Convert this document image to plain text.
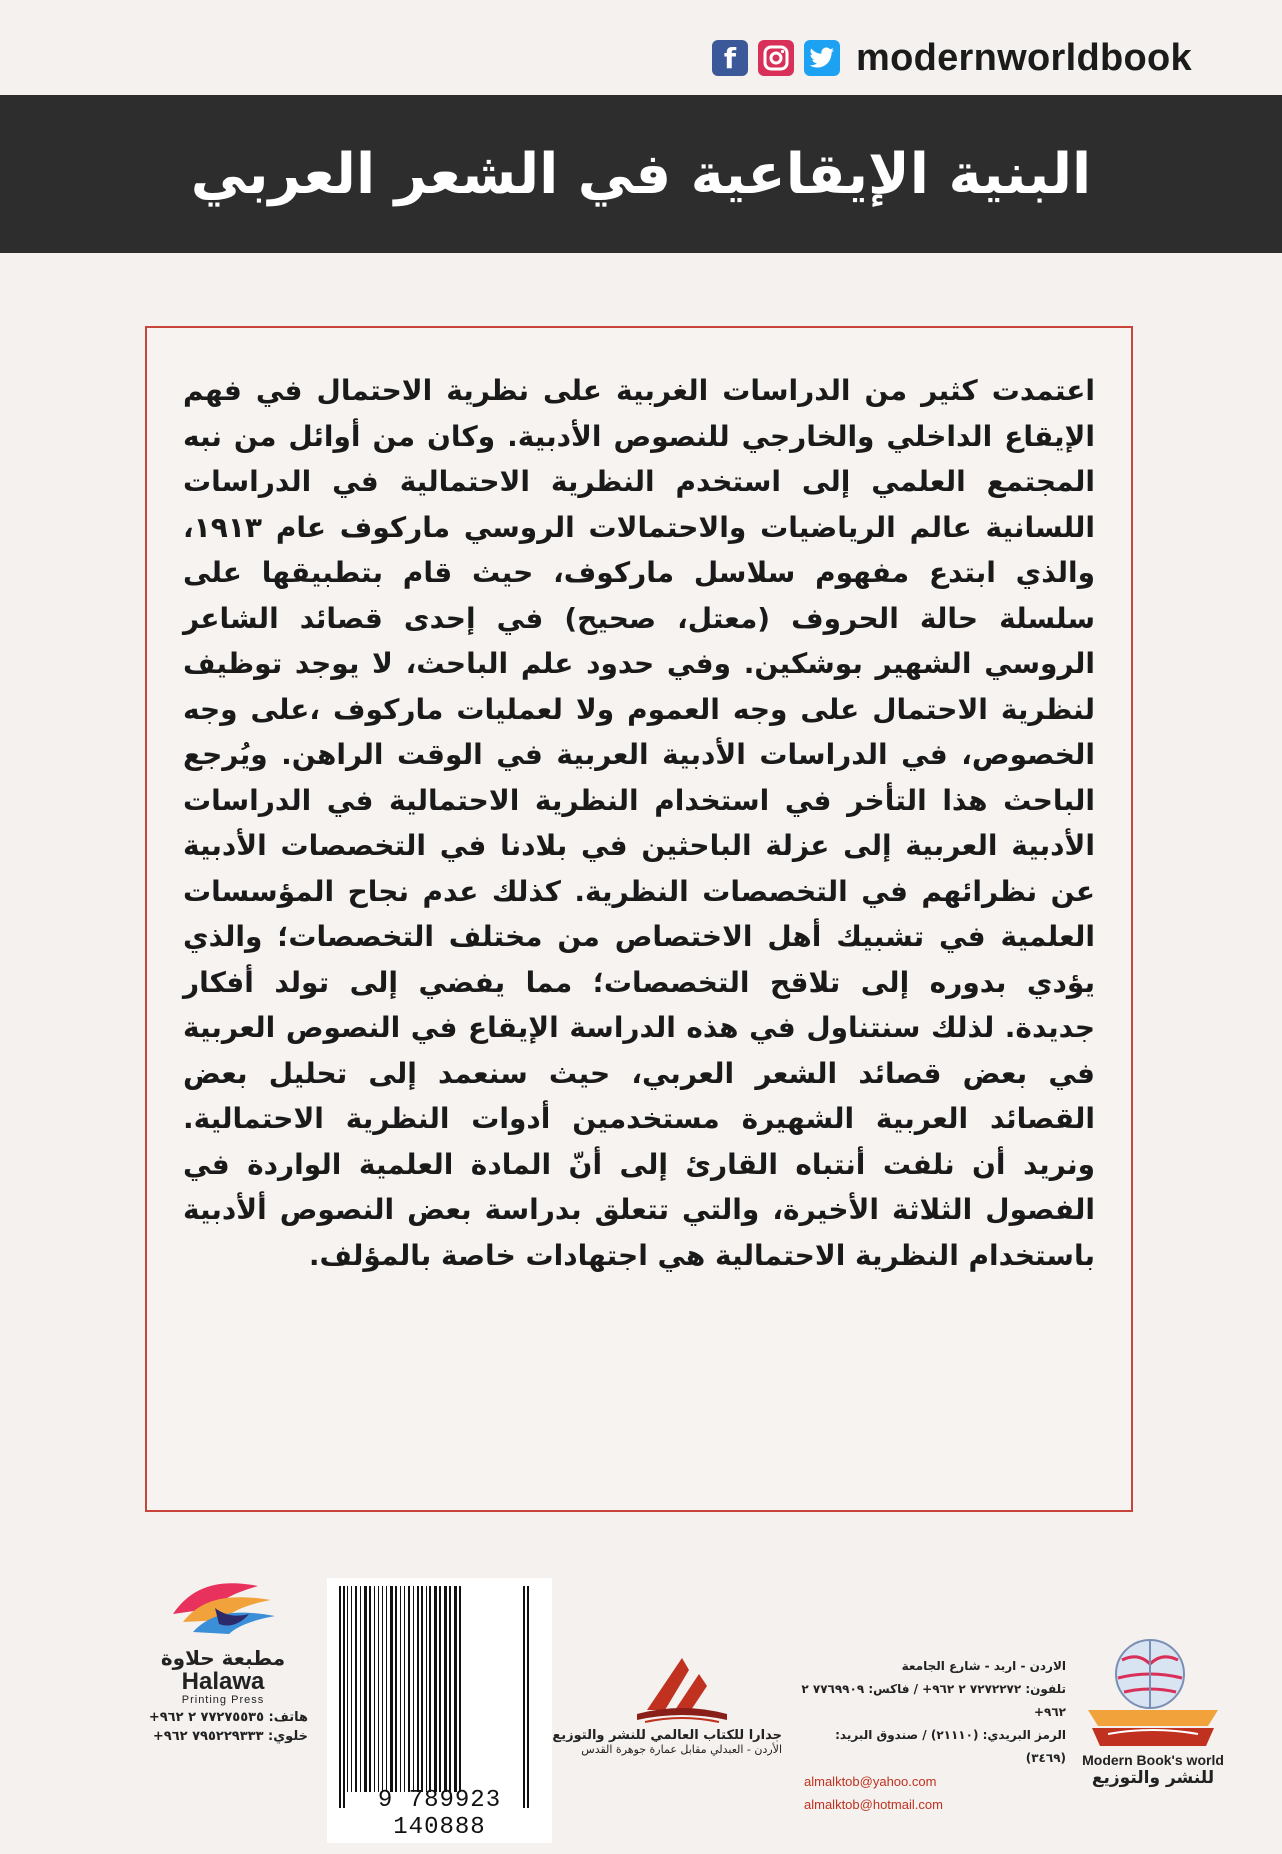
f	modernworldbook
البنية الإيقاعية في الشعر العربي
اعتمدت كثير من الدراسات الغربية على نظرية الاحتمال في فهم الإيقاع الداخلي والخارجي للنصوص الأدبية. وكان من أوائل من نبه المجتمع العلمي إلى استخدم النظرية الاحتمالية في الدراسات اللسانية عالم الرياضيات والاحتمالات الروسي ماركوف عام ١٩١٣، والذي ابتدع مفهوم سلاسل ماركوف، حيث قام بتطبيقها على سلسلة حالة الحروف (معتل، صحيح) في إحدى قصائد الشاعر الروسي الشهير بوشكين. وفي حدود علم الباحث، لا يوجد توظيف لنظرية الاحتمال على وجه العموم ولا لعمليات ماركوف ،على وجه الخصوص، في الدراسات الأدبية العربية في الوقت الراهن. ويُرجع الباحث هذا التأخر في استخدام النظرية الاحتمالية في الدراسات الأدبية العربية إلى عزلة الباحثين في بلادنا في التخصصات الأدبية عن نظرائهم في التخصصات النظرية. كذلك عدم نجاح المؤسسات العلمية في تشبيك أهل الاختصاص من مختلف التخصصات؛ والذي يؤدي بدوره إلى تلاقح التخصصات؛ مما يفضي إلى تولد أفكار جديدة. لذلك سنتناول في هذه الدراسة الإيقاع في النصوص العربية في بعض قصائد الشعر العربي، حيث سنعمد إلى تحليل بعض القصائد العربية الشهيرة مستخدمين أدوات النظرية الاحتمالية. ونريد أن نلفت أنتباه القارئ إلى أنّ المادة العلمية الواردة في الفصول الثلاثة الأخيرة، والتي تتعلق بدراسة بعض النصوص ألأدبية باستخدام النظرية الاحتمالية هي اجتهادات خاصة بالمؤلف.
مطبعة حلاوة
Halawa
Printing Press
هاتف: ٧٧٢٧٥٥٣٥ ٢ ٩٦٢+
خلوي: ٧٩٥٢٢٩٣٣٣ ٩٦٢+
9 789923 140888
جدارا للكتاب العالمي للنشر والتوزيع
الأردن - العبدلي مقابل عمارة جوهرة القدس
الاردن - اربد - شارع الجامعة
تلفون: ٧٢٧٢٢٧٢ ٢ ٩٦٢+ / فاكس: ٧٧٦٩٩٠٩ ٢ ٩٦٢+
الرمز البريدي: (٢١١١٠) / صندوق البريد: (٣٤٦٩)
almalktob@yahoo.com
almalktob@hotmail.com
Modern Book's world
للنشر والتوزيع
